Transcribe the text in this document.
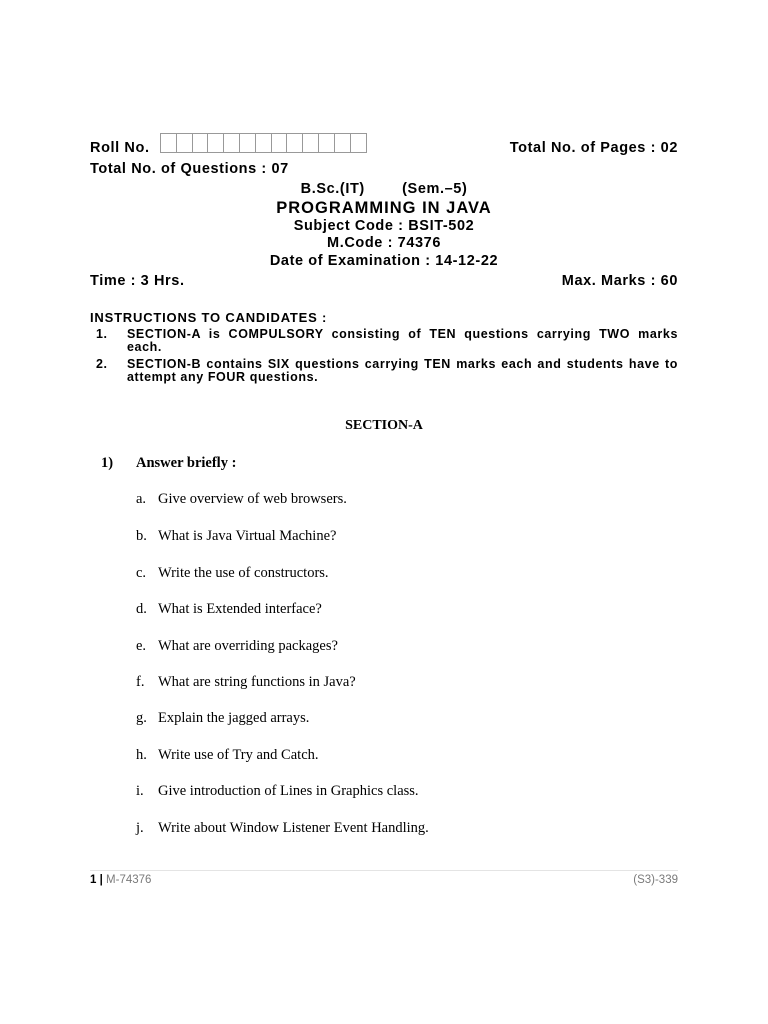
Roll No.	Total No. of Pages : 02
Total No. of Questions : 07
B.Sc.(IT)	(Sem.–5)
PROGRAMMING IN JAVA
Subject Code : BSIT-502
M.Code : 74376
Date of Examination : 14-12-22
Time : 3 Hrs.	Max. Marks : 60
INSTRUCTIONS TO CANDIDATES :
1. SECTION-A is COMPULSORY consisting of TEN questions carrying TWO marks each.
2. SECTION-B contains SIX questions carrying TEN marks each and students have to attempt any FOUR questions.
SECTION-A
1) Answer briefly :
a. Give overview of web browsers.
b. What is Java Virtual Machine?
c. Write the use of constructors.
d. What is Extended interface?
e. What are overriding packages?
f. What are string functions in Java?
g. Explain the jagged arrays.
h. Write use of Try and Catch.
i. Give introduction of Lines in Graphics class.
j. Write about Window Listener Event Handling.
1 | M-74376	(S3)-339
